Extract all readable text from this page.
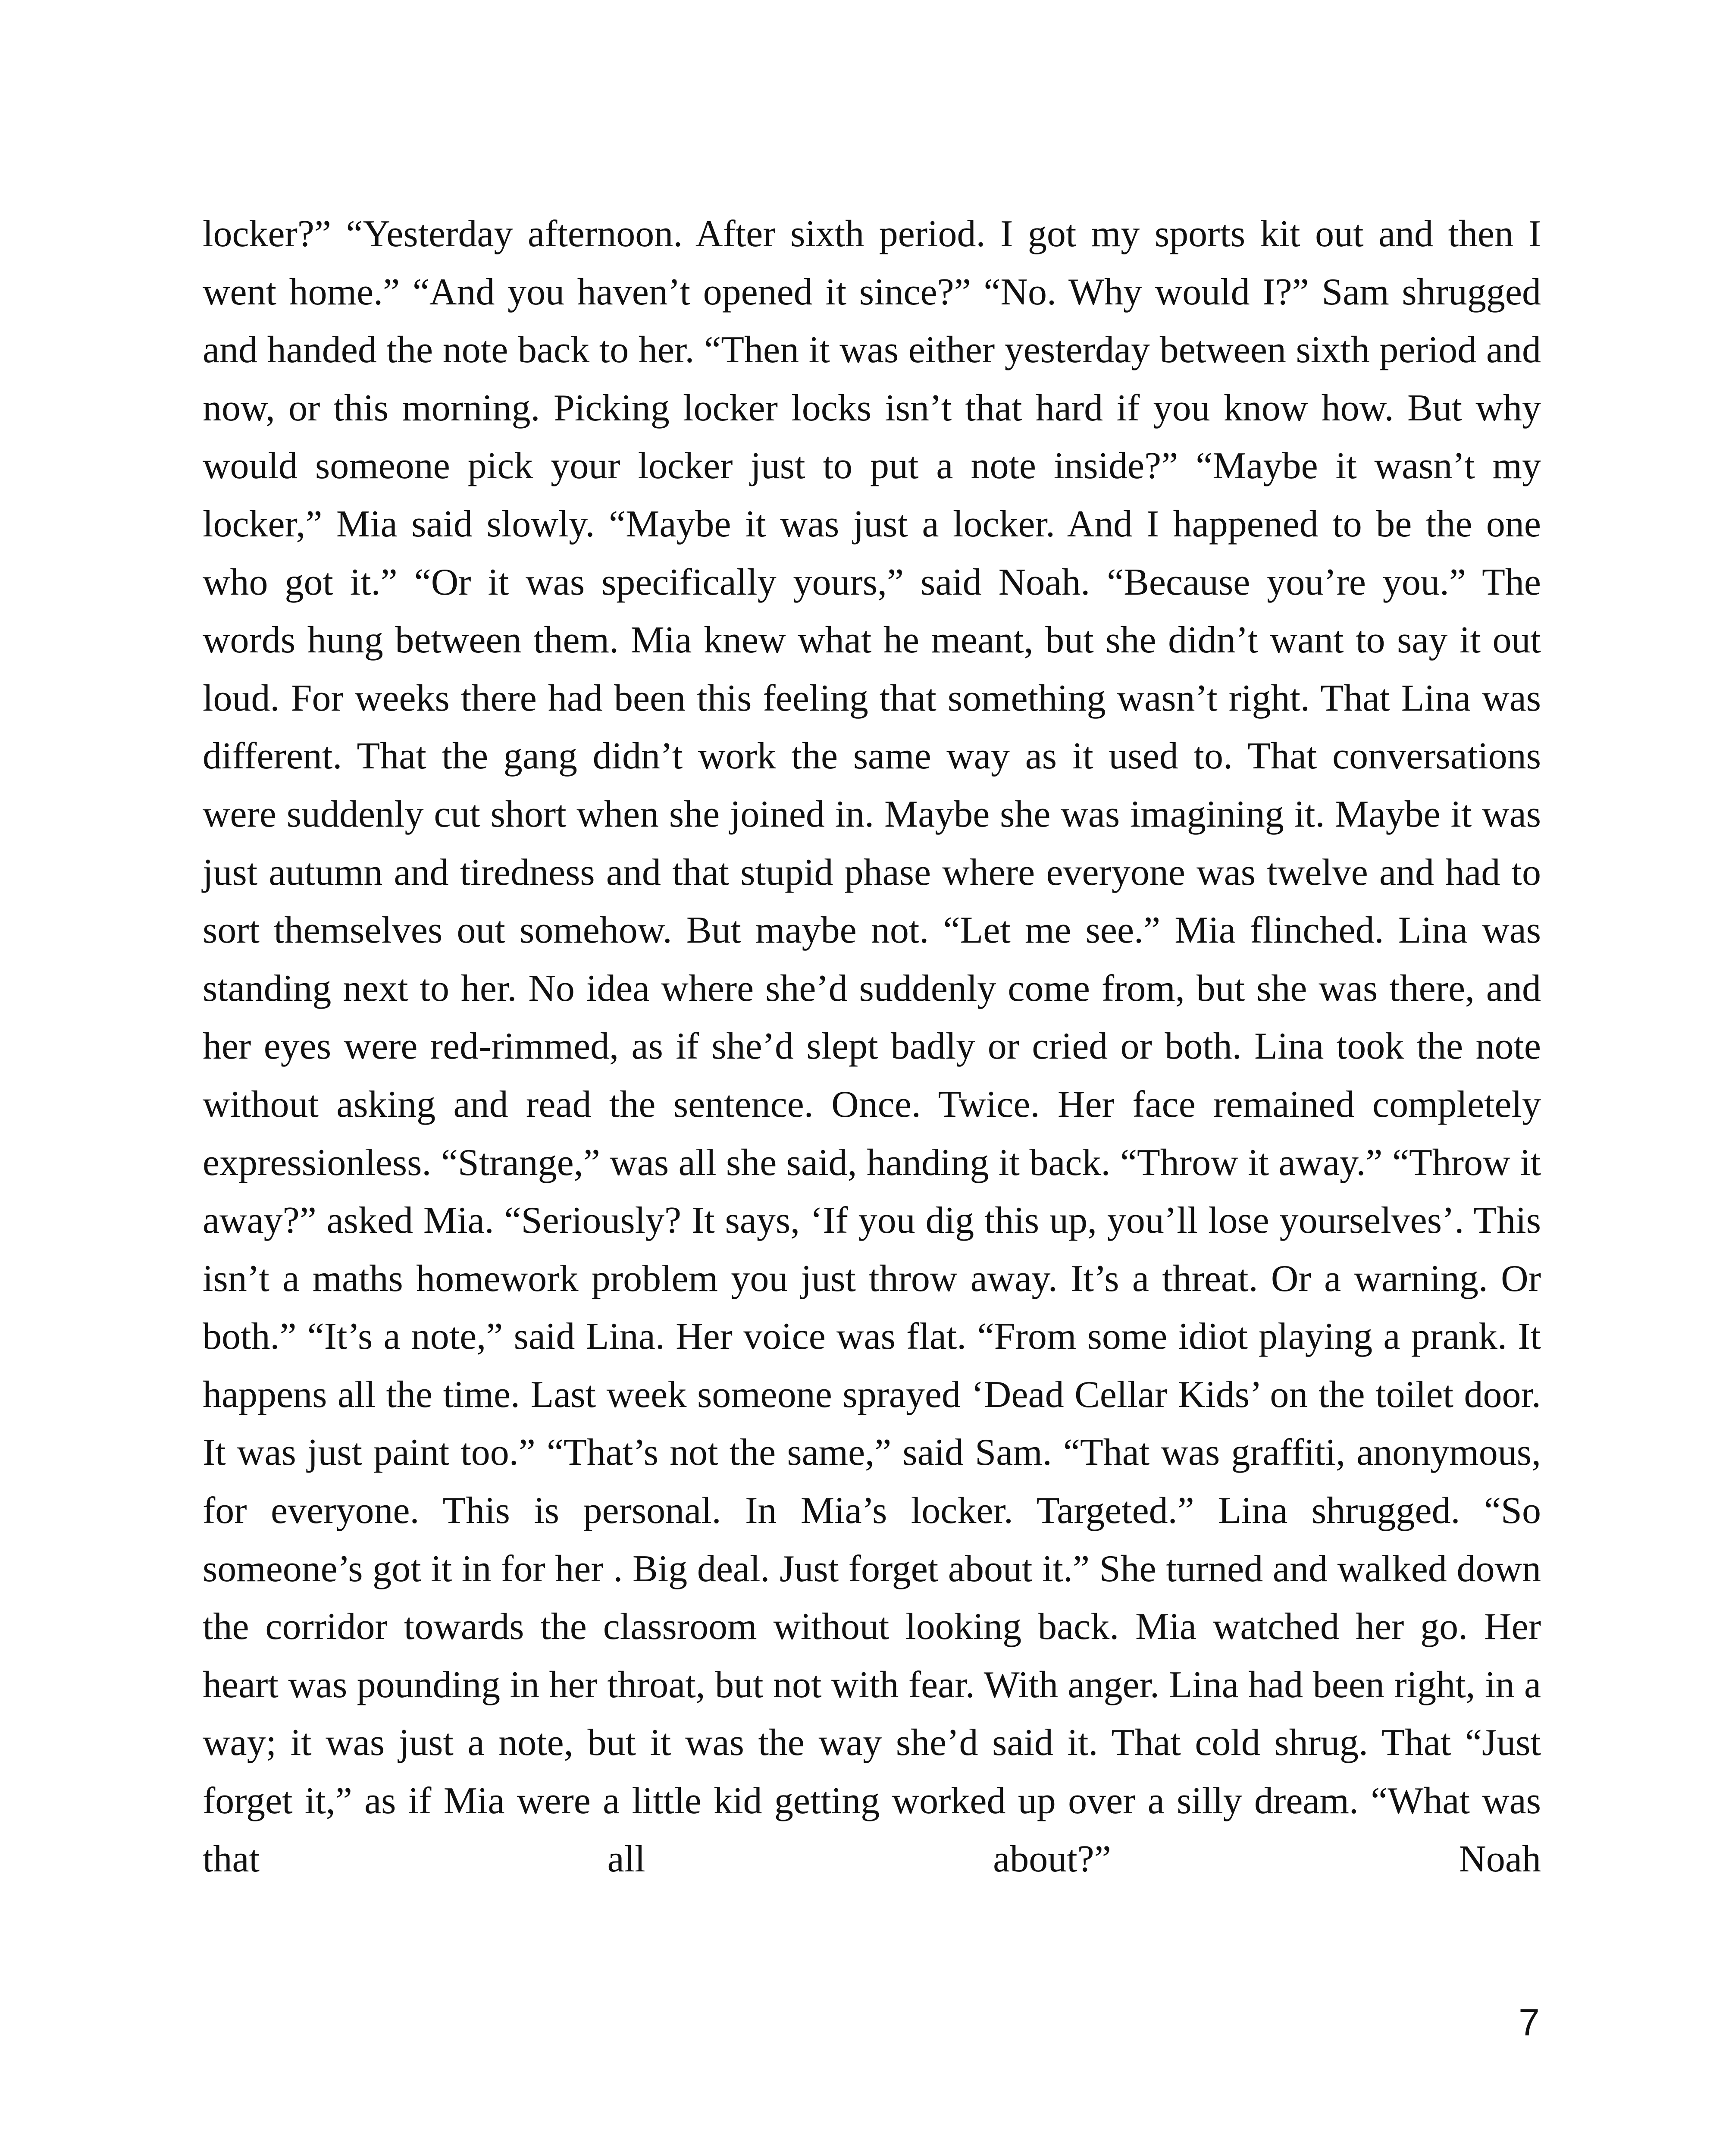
locker?” “Yesterday afternoon. After sixth period. I got my sports kit out and then I went home.” “And you haven’t opened it since?” “No. Why would I?” Sam shrugged and handed the note back to her. “Then it was either yesterday between sixth period and now, or this morning. Picking locker locks isn’t that hard if you know how. But why would someone pick your locker just to put a note inside?” “Maybe it wasn’t my locker,” Mia said slowly. “Maybe it was just a locker. And I happened to be the one who got it.” “Or it was specifically yours,” said Noah. “Because you’re you.” The words hung between them. Mia knew what he meant, but she didn’t want to say it out loud. For weeks there had been this feeling that something wasn’t right. That Lina was different. That the gang didn’t work the same way as it used to. That conversations were suddenly cut short when she joined in. Maybe she was imagining it. Maybe it was just autumn and tiredness and that stupid phase where everyone was twelve and had to sort themselves out somehow. But maybe not. “Let me see.” Mia flinched. Lina was standing next to her. No idea where she’d suddenly come from, but she was there, and her eyes were red-rimmed, as if she’d slept badly or cried or both. Lina took the note without asking and read the sentence. Once. Twice. Her face remained completely expressionless. “Strange,” was all she said, handing it back. “Throw it away.” “Throw it away?” asked Mia. “Seriously? It says, ‘If you dig this up, you’ll lose yourselves’. This isn’t a maths homework problem you just throw away. It’s a threat. Or a warning. Or both.” “It’s a note,” said Lina. Her voice was flat. “From some idiot playing a prank. It happens all the time. Last week someone sprayed ‘Dead Cellar Kids’ on the toilet door. It was just paint too.” “That’s not the same,” said Sam. “That was graffiti, anonymous, for everyone. This is personal. In Mia’s locker. Targeted.” Lina shrugged. “So someone’s got it in for her . Big deal. Just forget about it.” She turned and walked down the corridor towards the classroom without looking back. Mia watched her go. Her heart was pounding in her throat, but not with fear. With anger. Lina had been right, in a way; it was just a note, but it was the way she’d said it. That cold shrug. That “Just forget it,” as if Mia were a little kid getting worked up over a silly dream. “What was that all about?” Noah

7
